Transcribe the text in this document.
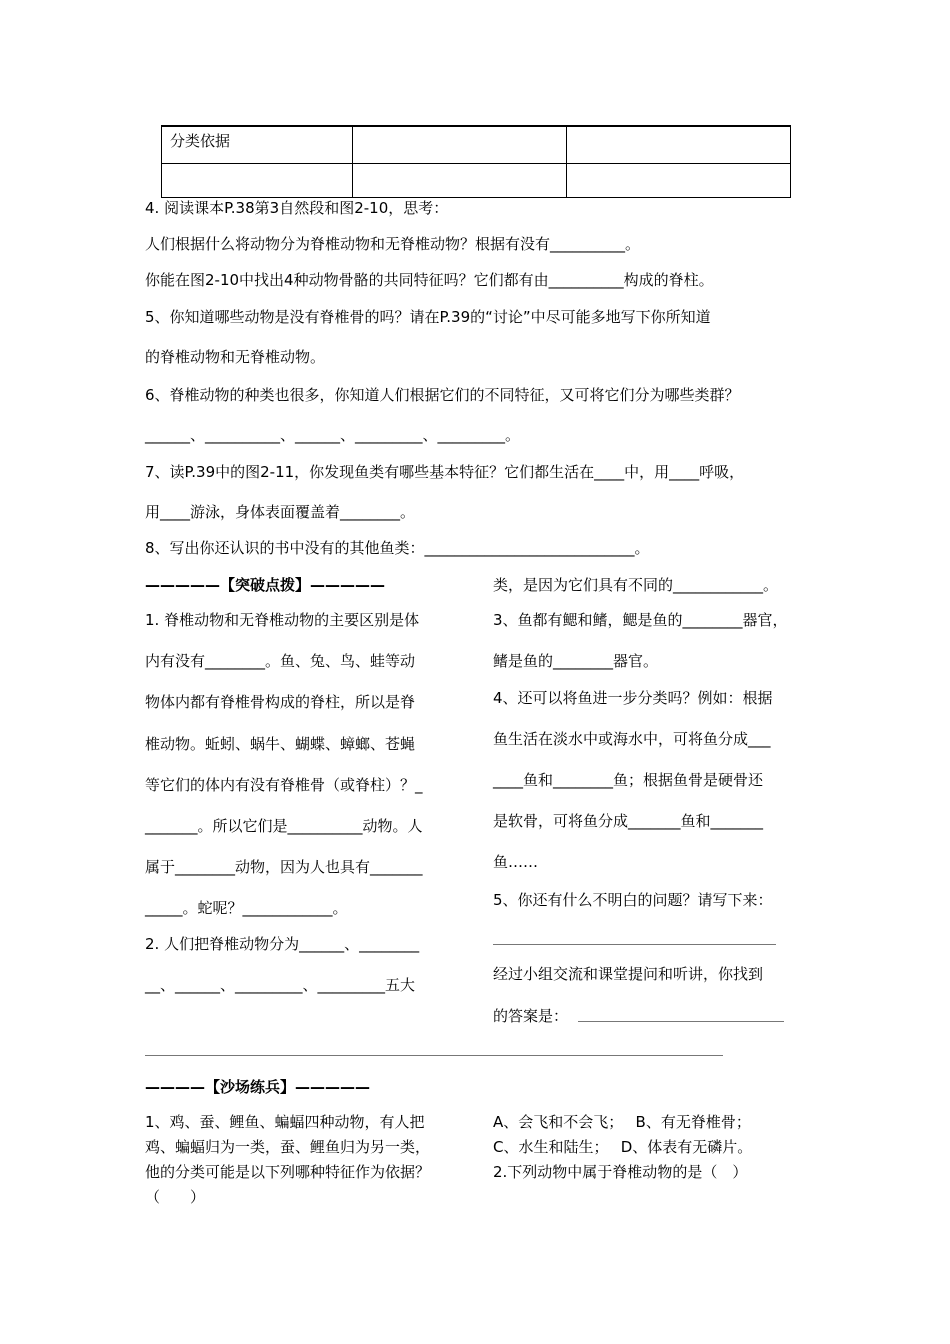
分类依据		

4. 阅读课本P.38第3自然段和图2-10，思考：
人们根据什么将动物分为脊椎动物和无脊椎动物？根据有没有__________。
你能在图2-10中找出4种动物骨骼的共同特征吗？它们都有由__________构成的脊柱。
5、你知道哪些动物是没有脊椎骨的吗？请在P.39的“讨论”中尽可能多地写下你所知道
的脊椎动物和无脊椎动物。
6、脊椎动物的种类也很多，你知道人们根据它们的不同特征，又可将它们分为哪些类群？
______、__________、______、_________、_________。
7、读P.39中的图2-11，你发现鱼类有哪些基本特征？它们都生活在____中，用____呼吸，
用____游泳，身体表面覆盖着________。
8、写出你还认识的书中没有的其他鱼类：____________________________。
—————【突破点拨】—————
1. 脊椎动物和无脊椎动物的主要区别是体
内有没有________。鱼、兔、鸟、蛙等动
物体内都有脊椎骨构成的脊柱，所以是脊
椎动物。蚯蚓、蜗牛、蝴蝶、蟑螂、苍蝇
等它们的体内有没有脊椎骨（或脊柱）？_
_______。所以它们是__________动物。人
属于________动物，因为人也具有_______
_____。蛇呢？____________。
2. 人们把脊椎动物分为______、________
__、______、_________、_________五大
类，是因为它们具有不同的____________。
3、鱼都有鳃和鳍，鳃是鱼的________器官，
鳍是鱼的________器官。
4、还可以将鱼进一步分类吗？例如：根据
鱼生活在淡水中或海水中，可将鱼分成___
____鱼和________鱼；根据鱼骨是硬骨还
是软骨，可将鱼分成_______鱼和_______
鱼……
5、你还有什么不明白的问题？请写下来：
经过小组交流和课堂提问和听讲，你找到
的答案是：
————【沙场练兵】—————
1、鸡、蚕、鲤鱼、蝙蝠四种动物，有人把
鸡、蝙蝠归为一类，蚕、鲤鱼归为另一类，
他的分类可能是以下列哪种特征作为依据？
（　　）
A、会飞和不会飞；　 B、有无脊椎骨；
C、水生和陆生；　 D、体表有无磷片。
2.下列动物中属于脊椎动物的是（　）
